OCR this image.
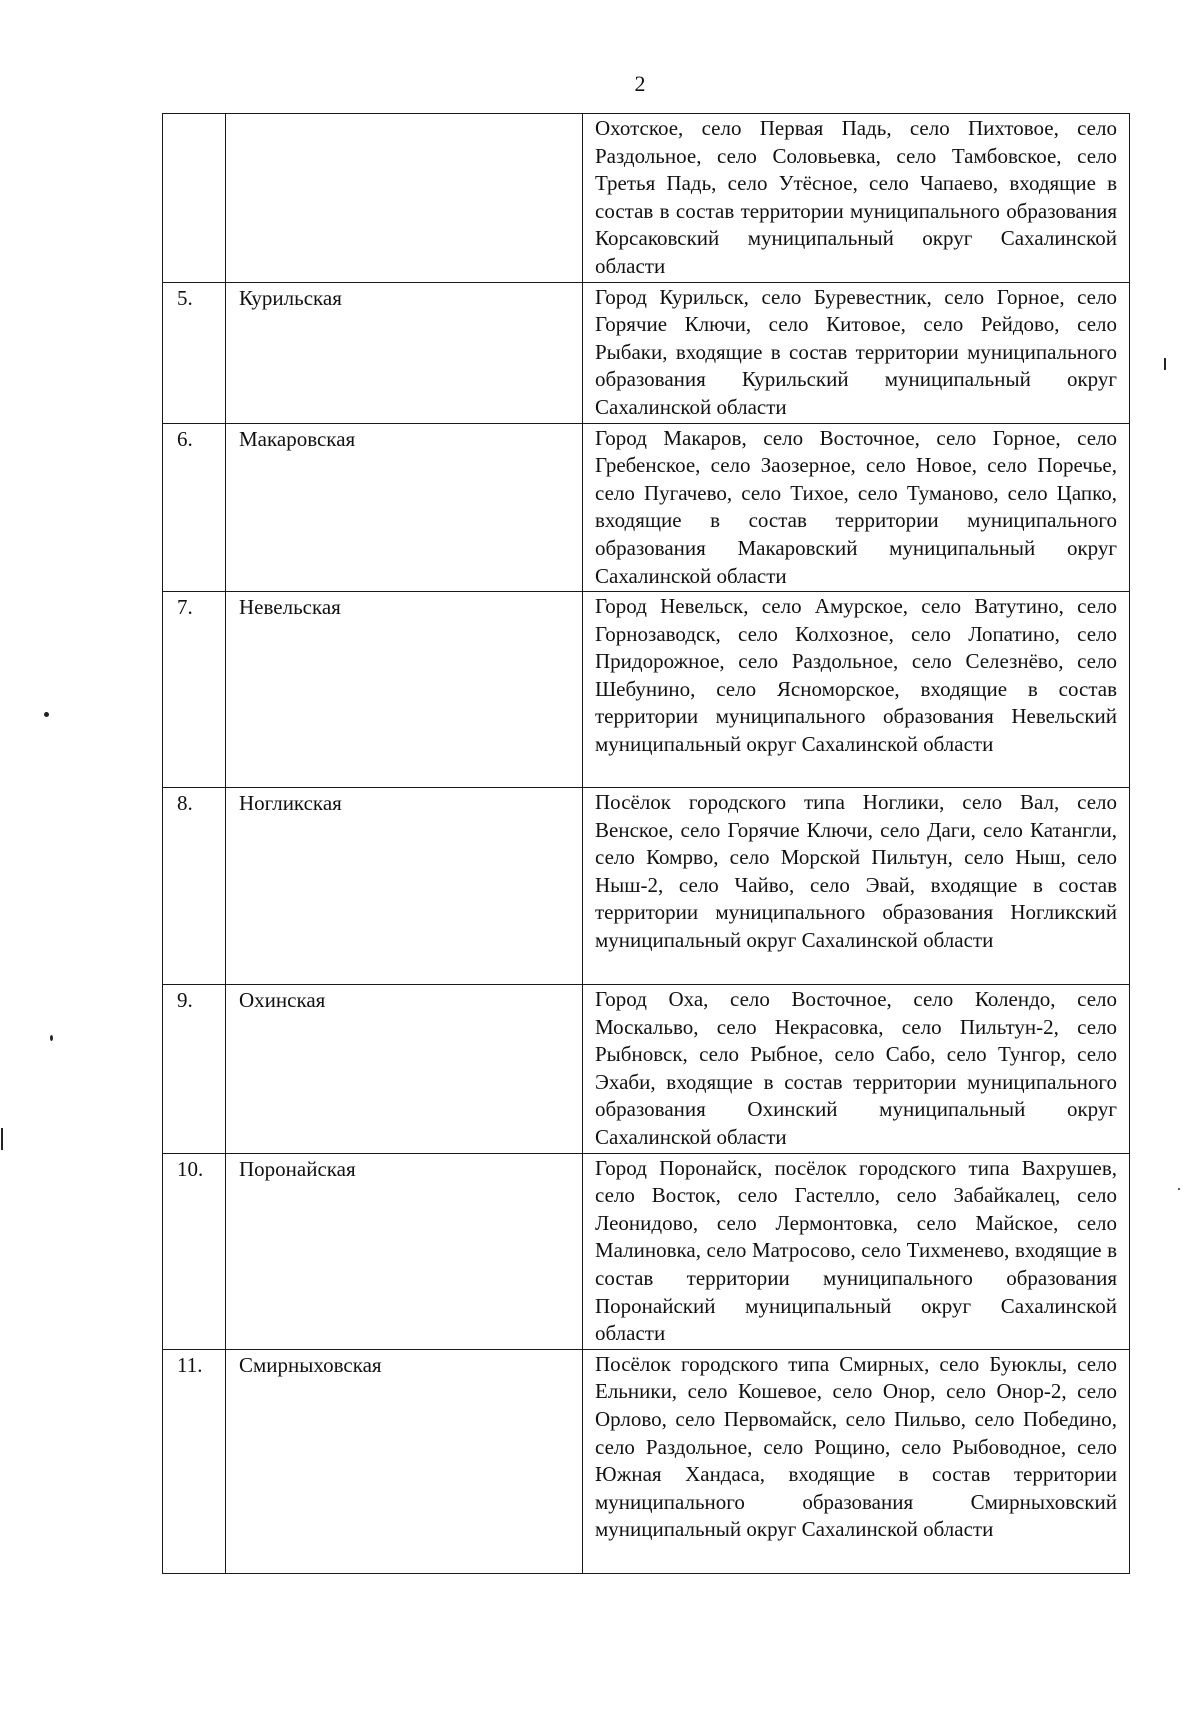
2
		Охотское, село Первая Падь, село Пихтовое, село Раздольное, село Соловьевка, село Тамбовское, село Третья Падь, село Утёсное, село Чапаево, входящие в состав в состав территории муниципального образования Корсаковский муниципальный округ Сахалинской области
5.	Курильская	Город Курильск, село Буревестник, село Горное, село Горячие Ключи, село Китовое, село Рейдово, село Рыбаки, входящие в состав территории муниципального образования Курильский муниципальный округ Сахалинской области
6.	Макаровская	Город Макаров, село Восточное, село Горное, село Гребенское, село Заозерное, село Новое, село Поречье, село Пугачево, село Тихое, село Туманово, село Цапко, входящие в состав территории муниципального образования Макаровский муниципальный округ Сахалинской области
7.	Невельская	Город Невельск, село Амурское, село Ватутино, село Горнозаводск, село Колхозное, село Лопатино, село Придорожное, село Раздольное, село Селезнёво, село Шебунино, село Ясноморское, входящие в состав территории муниципального образования Невельский муниципальный округ Сахалинской области
8.	Ногликская	Посёлок городского типа Ноглики, село Вал, село Венское, село Горячие Ключи, село Даги, село Катангли, село Комрво, село Морской Пильтун, село Ныш, село Ныш-2, село Чайво, село Эвай, входящие в состав территории муниципального образования Ногликский муниципальный округ Сахалинской области
9.	Охинская	Город Оха, село Восточное, село Колендо, село Москальво, село Некрасовка, село Пильтун-2, село Рыбновск, село Рыбное, село Сабо, село Тунгор, село Эхаби, входящие в состав территории муниципального образования Охинский муниципальный округ Сахалинской области
10.	Поронайская	Город Поронайск, посёлок городского типа Вахрушев, село Восток, село Гастелло, село Забайкалец, село Леонидово, село Лермонтовка, село Майское, село Малиновка, село Матросово, село Тихменево, входящие в состав территории муниципального образования Поронайский муниципальный округ Сахалинской области
11.	Смирныховская	Посёлок городского типа Смирных, село Буюклы, село Ельники, село Кошевое, село Онор, село Онор-2, село Орлово, село Первомайск, село Пильво, село Победино, село Раздольное, село Рощино, село Рыбоводное, село Южная Хандаса, входящие в состав территории муниципального образования Смирныховский муниципальный округ Сахалинской области
